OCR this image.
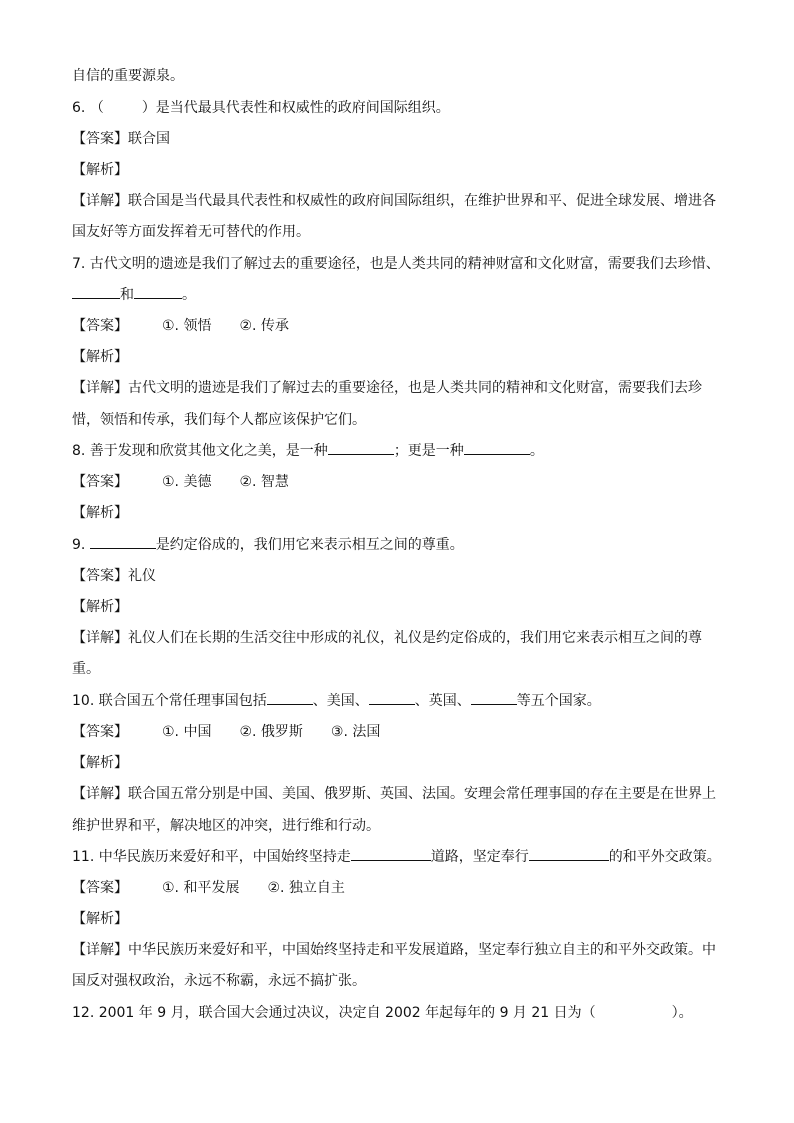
自信的重要源泉。
6. （	）是当代最具代表性和权威性的政府间国际组织。
【答案】联合国
【解析】
【详解】联合国是当代最具代表性和权威性的政府间国际组织，在维护世界和平、促进全球发展、增进各
国友好等方面发挥着无可替代的作用。
7. 古代文明的遗迹是我们了解过去的重要途径，也是人类共同的精神财富和文化财富，需要我们去珍惜、
和	。
【答案】 ①. 领悟 ②. 传承
【解析】
【详解】古代文明的遗迹是我们了解过去的重要途径，也是人类共同的精神和文化财富，需要我们去珍
惜，领悟和传承，我们每个人都应该保护它们。
8. 善于发现和欣赏其他文化之美，是一种	；更是一种	。
【答案】 ①. 美德 ②. 智慧
【解析】
9.	是约定俗成的，我们用它来表示相互之间的尊重。
【答案】礼仪
【解析】
【详解】礼仪人们在长期的生活交往中形成的礼仪，礼仪是约定俗成的，我们用它来表示相互之间的尊
重。
10. 联合国五个常任理事国包括	、美国、	、英国、	等五个国家。
【答案】 ①. 中国 ②. 俄罗斯 ③. 法国
【解析】
【详解】联合国五常分别是中国、美国、俄罗斯、英国、法国。安理会常任理事国的存在主要是在世界上
维护世界和平，解决地区的冲突，进行维和行动。
11. 中华民族历来爱好和平，中国始终坚持走	道路，坚定奉行	的和平外交政策。
【答案】 ①. 和平发展 ②. 独立自主
【解析】
【详解】中华民族历来爱好和平，中国始终坚持走和平发展道路，坚定奉行独立自主的和平外交政策。中
国反对强权政治，永远不称霸，永远不搞扩张。
12. 2001 年 9 月，联合国大会通过决议，决定自 2002 年起每年的 9 月 21 日为（	）。
